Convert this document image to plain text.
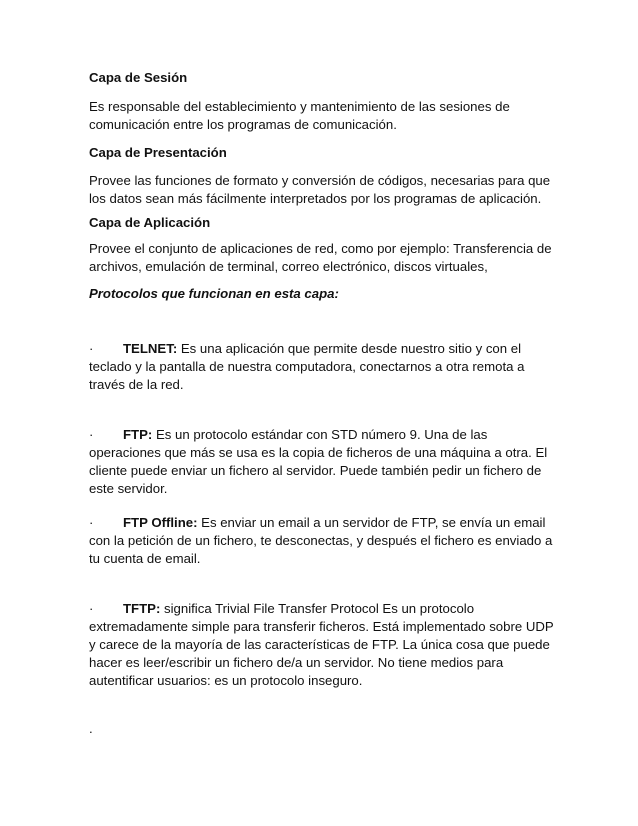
Capa de Sesión
Es responsable del establecimiento y mantenimiento de las sesiones de comunicación entre los programas de comunicación.
Capa de Presentación
Provee las funciones de formato y conversión de códigos, necesarias para que los datos sean más fácilmente interpretados por los programas de aplicación.
Capa de Aplicación
Provee el conjunto de aplicaciones de red, como por ejemplo: Transferencia de archivos, emulación de terminal, correo electrónico, discos virtuales,
Protocolos que funcionan en esta capa:
· TELNET: Es una aplicación que permite desde nuestro sitio y con el teclado y la pantalla de nuestra computadora, conectarnos a otra remota a través de la red.
· FTP: Es un protocolo estándar con STD número 9. Una de las operaciones que más se usa es la copia de ficheros de una máquina a otra. El cliente puede enviar un fichero al servidor. Puede también pedir un fichero de este servidor.
· FTP Offline: Es enviar un email a un servidor de FTP, se envía un email con la petición de un fichero, te desconectas, y después el fichero es enviado a tu cuenta de email.
· TFTP: significa Trivial File Transfer Protocol Es un protocolo extremadamente simple para transferir ficheros. Está implementado sobre UDP y carece de la mayoría de las características de FTP. La única cosa que puede hacer es leer/escribir un fichero de/a un servidor. No tiene medios para autentificar usuarios: es un protocolo inseguro.
.
